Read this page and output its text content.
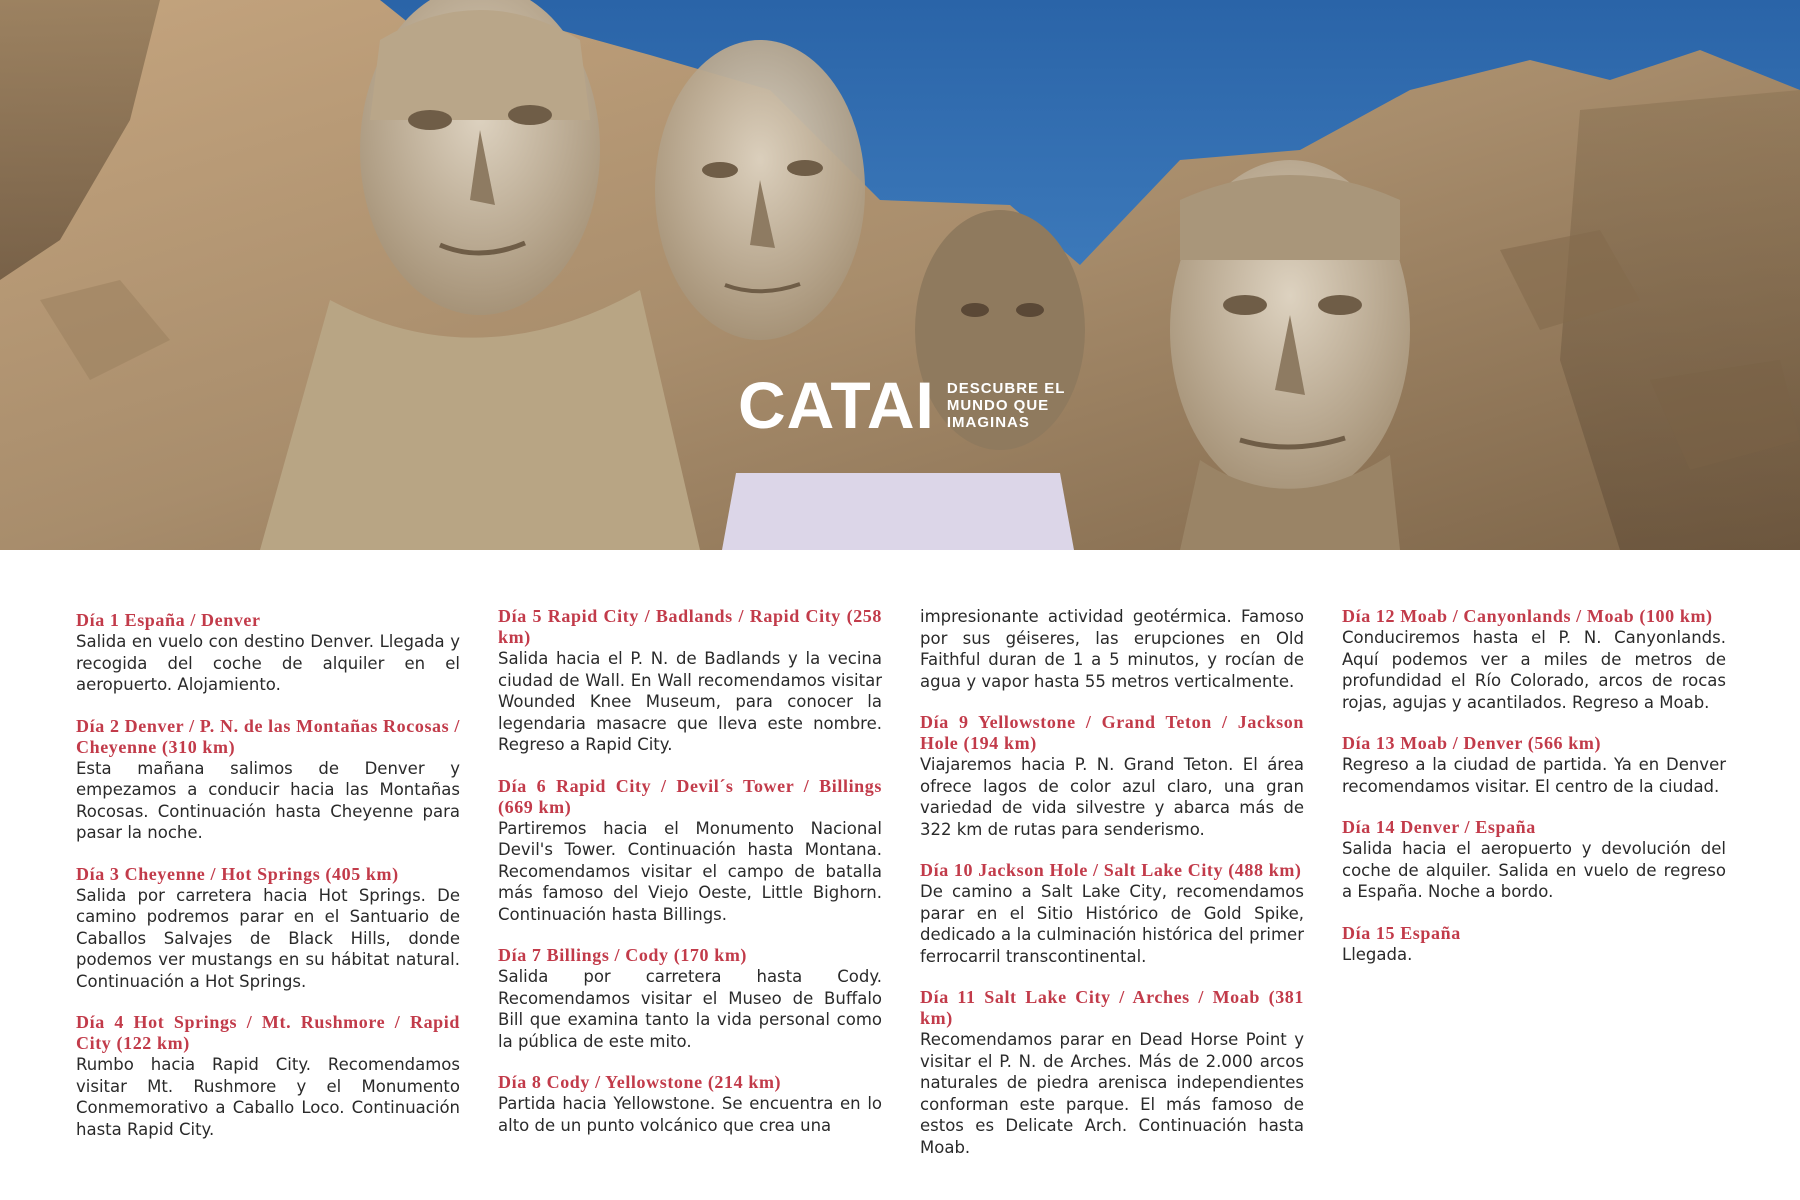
CATAI DESCUBRE EL
MUNDO QUE
IMAGINAS
Día 1 España / Denver
Salida en vuelo con destino Denver. Llegada y recogida del coche de alquiler en el aeropuerto. Alojamiento.
Día 2 Denver / P. N. de las Montañas Rocosas / Cheyenne (310 km)
Esta mañana salimos de Denver y empezamos a conducir hacia las Montañas Rocosas. Continuación hasta Cheyenne para pasar la noche.
Día 3 Cheyenne / Hot Springs (405 km)
Salida por carretera hacia Hot Springs. De camino podremos parar en el Santuario de Caballos Salvajes de Black Hills, donde podemos ver mustangs en su hábitat natural. Continuación a Hot Springs.
Día 4 Hot Springs / Mt. Rushmore / Rapid City (122 km)
Rumbo hacia Rapid City. Recomendamos visitar Mt. Rushmore y el Monumento Conmemorativo a Caballo Loco. Continuación hasta Rapid City.
Día 5 Rapid City / Badlands / Rapid City (258 km)
Salida hacia el P. N. de Badlands y la vecina ciudad de Wall. En Wall recomendamos visitar Wounded Knee Museum, para conocer la legendaria masacre que lleva este nombre. Regreso a Rapid City.
Día 6 Rapid City / Devil´s Tower / Billings (669 km)
Partiremos hacia el Monumento Nacional Devil's Tower. Continuación hasta Montana. Recomendamos visitar el campo de batalla más famoso del Viejo Oeste, Little Bighorn. Continuación hasta Billings.
Día 7 Billings / Cody (170 km)
Salida por carretera hasta Cody. Recomendamos visitar el Museo de Buffalo Bill que examina tanto la vida personal como la pública de este mito.
Día 8 Cody / Yellowstone (214 km)
Partida hacia Yellowstone. Se encuentra en lo alto de un punto volcánico que crea una
impresionante actividad geotérmica. Famoso por sus géiseres, las erupciones en Old Faithful duran de 1 a 5 minutos, y rocían de agua y vapor hasta 55 metros verticalmente.
Día 9 Yellowstone / Grand Teton / Jackson Hole (194 km)
Viajaremos hacia P. N. Grand Teton. El área ofrece lagos de color azul claro, una gran variedad de vida silvestre y abarca más de 322 km de rutas para senderismo.
Día 10 Jackson Hole / Salt Lake City (488 km)
De camino a Salt Lake City, recomendamos parar en el Sitio Histórico de Gold Spike, dedicado a la culminación histórica del primer ferrocarril transcontinental.
Día 11 Salt Lake City / Arches / Moab (381 km)
Recomendamos parar en Dead Horse Point y visitar el P. N. de Arches. Más de 2.000 arcos naturales de piedra arenisca independientes conforman este parque. El más famoso de estos es Delicate Arch. Continuación hasta Moab.
Día 12 Moab / Canyonlands / Moab (100 km)
Conduciremos hasta el P. N. Canyonlands. Aquí podemos ver a miles de metros de profundidad el Río Colorado, arcos de rocas rojas, agujas y acantilados. Regreso a Moab.
Día 13 Moab / Denver (566 km)
Regreso a la ciudad de partida. Ya en Denver recomendamos visitar. El centro de la ciudad.
Día 14 Denver / España
Salida hacia el aeropuerto y devolución del coche de alquiler. Salida en vuelo de regreso a España. Noche a bordo.
Día 15 España
Llegada.
